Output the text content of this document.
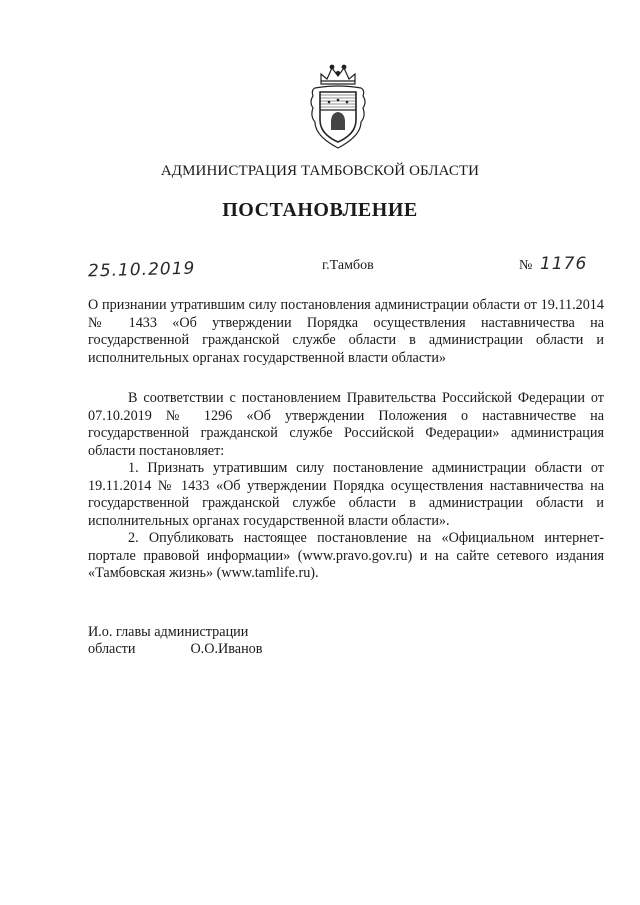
АДМИНИСТРАЦИЯ ТАМБОВСКОЙ ОБЛАСТИ
ПОСТАНОВЛЕНИЕ
25.10.2019	г.Тамбов	№ 1176
О признании утратившим силу постановления администрации области от 19.11.2014 № 1433 «Об утверждении Порядка осуществления наставничества на государственной гражданской службе области в администрации области и исполнительных органах государственной власти области»

В соответствии с постановлением Правительства Российской Федерации от 07.10.2019 № 1296 «Об утверждении Положения о наставничестве на государственной гражданской службе Российской Федерации» администрация области постановляет:

1. Признать утратившим силу постановление администрации области от 19.11.2014 № 1433 «Об утверждении Порядка осуществления наставничества на государственной гражданской службе области в администрации области и исполнительных органах государственной власти области».

2. Опубликовать настоящее постановление на «Официальном интернет-портале правовой информации» (www.pravo.gov.ru) и на сайте сетевого издания «Тамбовская жизнь» (www.tamlife.ru).

И.о. главы администрации
области	О.О.Иванов
